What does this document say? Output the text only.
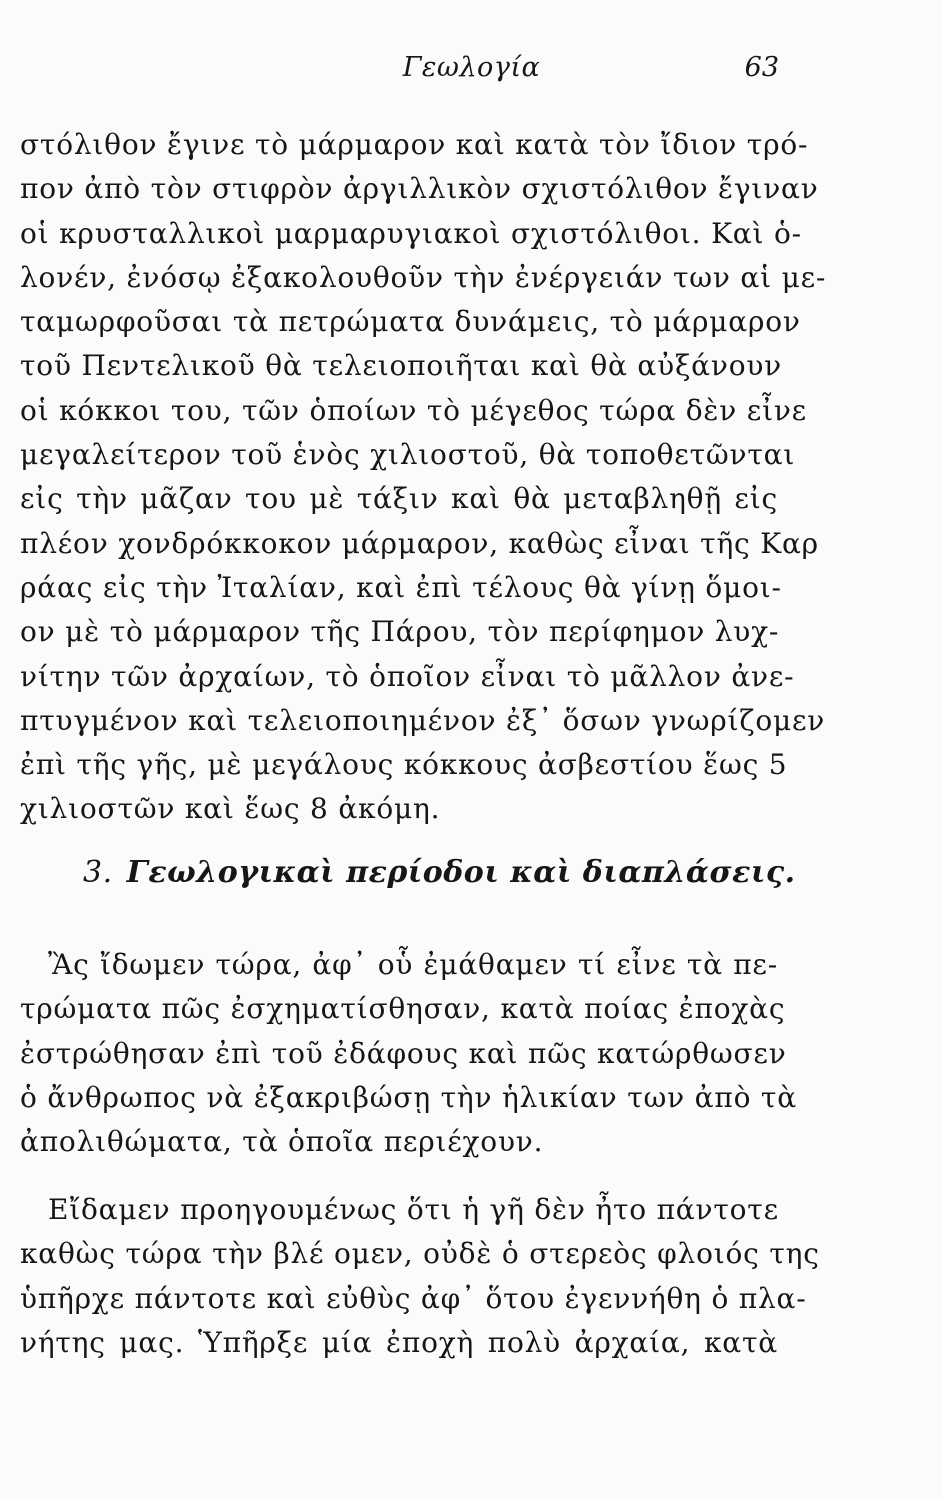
Γεωλογία	63
στόλιθον ἔγινε τὸ μάρμαρον καὶ κατὰ τὸν ἴδιον τρό-
πον ἀπὸ τὸν στιφρὸν ἀργιλλικὸν σχιστόλιθον ἔγιναν
οἱ κρυσταλλικοὶ μαρμαρυγιακοὶ σχιστόλιθοι. Καὶ ὁ-
λονέν, ἐνόσῳ ἐξακολουθοῦν τὴν ἐνέργειάν των αἱ με-
ταμωρφοῦσαι τὰ πετρώματα δυνάμεις, τὸ μάρμαρον
τοῦ Πεντελικοῦ θὰ τελειοποιῆται καὶ θὰ αὐξάνουν
οἱ κόκκοι του, τῶν ὁποίων τὸ μέγεθος τώρα δὲν εἶνε
μεγαλείτερον τοῦ ἑνὸς χιλιοστοῦ, θὰ τοποθετῶνται
εἰς τὴν μᾶζαν του μὲ τάξιν καὶ θὰ μεταβληθῇ εἰς
πλέον χονδρόκκοκον μάρμαρον, καθὼς εἶναι τῆς Καρ
ράας εἰς τὴν Ἰταλίαν, καὶ ἐπὶ τέλους θὰ γίνῃ ὅμοι-
ον μὲ τὸ μάρμαρον τῆς Πάρου, τὸν περίφημον λυχ-
νίτην τῶν ἀρχαίων, τὸ ὁποῖον εἶναι τὸ μᾶλλον ἀνε-
πτυγμένον καὶ τελειοποιημένον ἐξ᾿ ὅσων γνωρίζομεν
ἐπὶ τῆς γῆς, μὲ μεγάλους κόκκους ἀσβεστίου ἕως 5
χιλιοστῶν καὶ ἕως 8 ἀκόμη.
3. Γεωλογικαὶ περίοδοι καὶ διαπλάσεις.
Ἂς ἴδωμεν τώρα, ἀφ᾿ οὗ ἐμάθαμεν τί εἶνε τὰ πε-
τρώματα πῶς ἐσχηματίσθησαν, κατὰ ποίας ἐποχὰς
ἐστρώθησαν ἐπὶ τοῦ ἐδάφους καὶ πῶς κατώρθωσεν
ὁ ἄνθρωπος νὰ ἐξακριβώσῃ τὴν ἡλικίαν των ἀπὸ τὰ
ἀπολιθώματα, τὰ ὁποῖα περιέχουν.
Εἴδαμεν προηγουμένως ὅτι ἡ γῆ δὲν ἦτο πάντοτε
καθὼς τώρα τὴν βλέ ομεν, οὐδὲ ὁ στερεὸς φλοιός της
ὑπῆρχε πάντοτε καὶ εὐθὺς ἀφ᾿ ὅτου ἐγεννήθη ὁ πλα-
νήτης μας. Ὑπῆρξε μία ἐποχὴ πολὺ ἀρχαία, κατὰ
